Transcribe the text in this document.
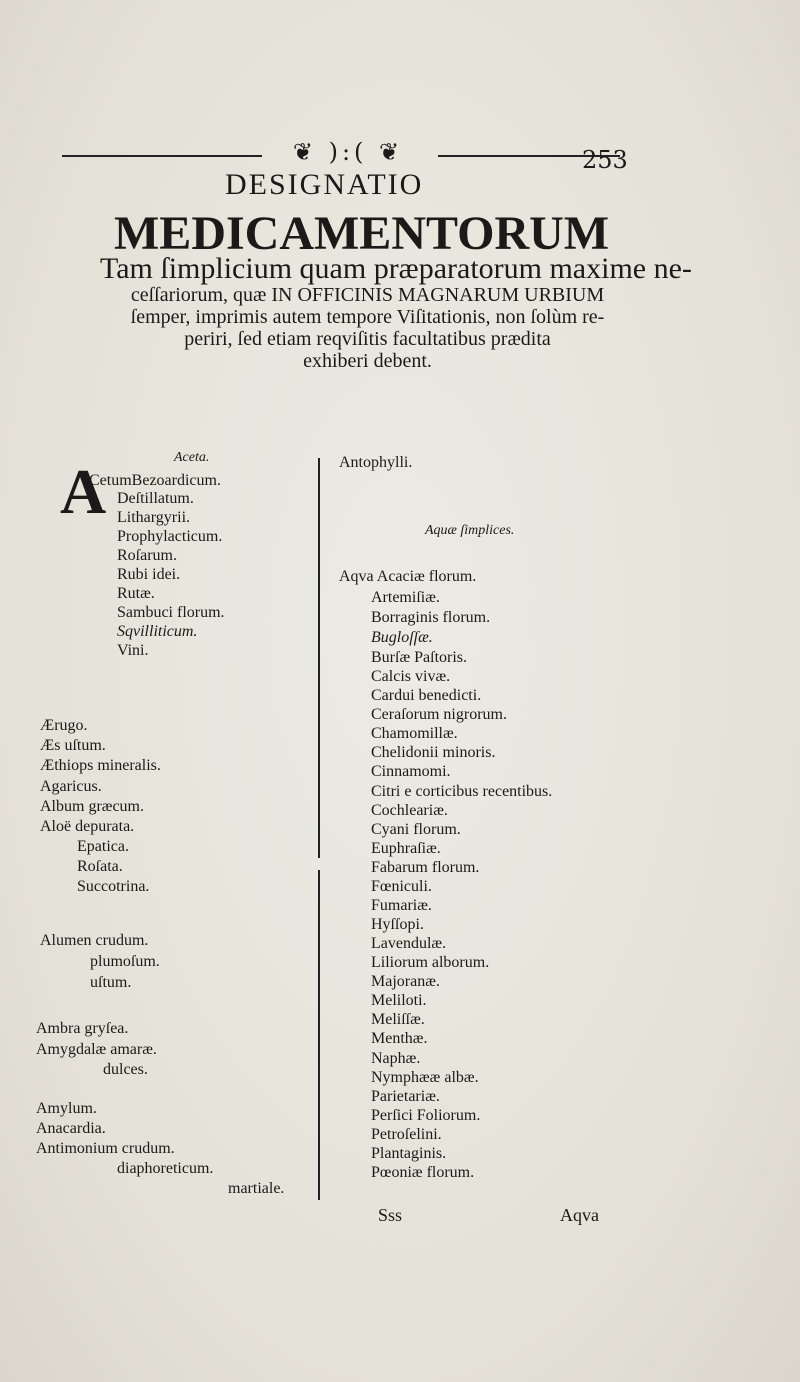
❦ ):( ❦	253
DESIGNATIO
MEDICAMENTORUM
Tam ſimplicium quam præparatorum maxime ne-
ceſſariorum, quæ IN OFFICINIS MAGNARUM URBIUM
ſemper, imprimis autem tempore Viſitationis, non ſolùm re-
periri, ſed etiam reqviſitis facultatibus prædita
exhiberi debent.
A	Aceta.
CetumBezoardicum.
Deſtillatum.
Lithargyrii.
Prophylacticum.
Roſarum.
Rubi idei.
Rutæ.
Sambuci florum.
Sqvilliticum.
Vini.
Ærugo.
Æs uſtum.
Æthiops mineralis.
Agaricus.
Album græcum.
Aloë depurata.
Epatica.
Roſata.
Succotrina.
Alumen crudum.
plumoſum.
uſtum.
Ambra gryſea.
Amygdalæ amaræ.
dulces.
Amylum.
Anacardia.
Antimonium crudum.
diaphoreticum.
martiale.
Antophylli.
Aquæ ſimplices.
Aqva Acaciæ florum.
Artemiſiæ.
Borraginis florum.
Bugloſſæ.
Burſæ Paſtoris.
Calcis vivæ.
Cardui benedicti.
Ceraſorum nigrorum.
Chamomillæ.
Chelidonii minoris.
Cinnamomi.
Citri e corticibus recentibus.
Cochleariæ.
Cyani florum.
Euphraſiæ.
Fabarum florum.
Fœniculi.
Fumariæ.
Hyſſopi.
Lavendulæ.
Liliorum alborum.
Majoranæ.
Meliloti.
Meliſſæ.
Menthæ.
Naphæ.
Nymphææ albæ.
Parietariæ.
Perſici Foliorum.
Petroſelini.
Plantaginis.
Pœoniæ florum.
Sss	Aqva
